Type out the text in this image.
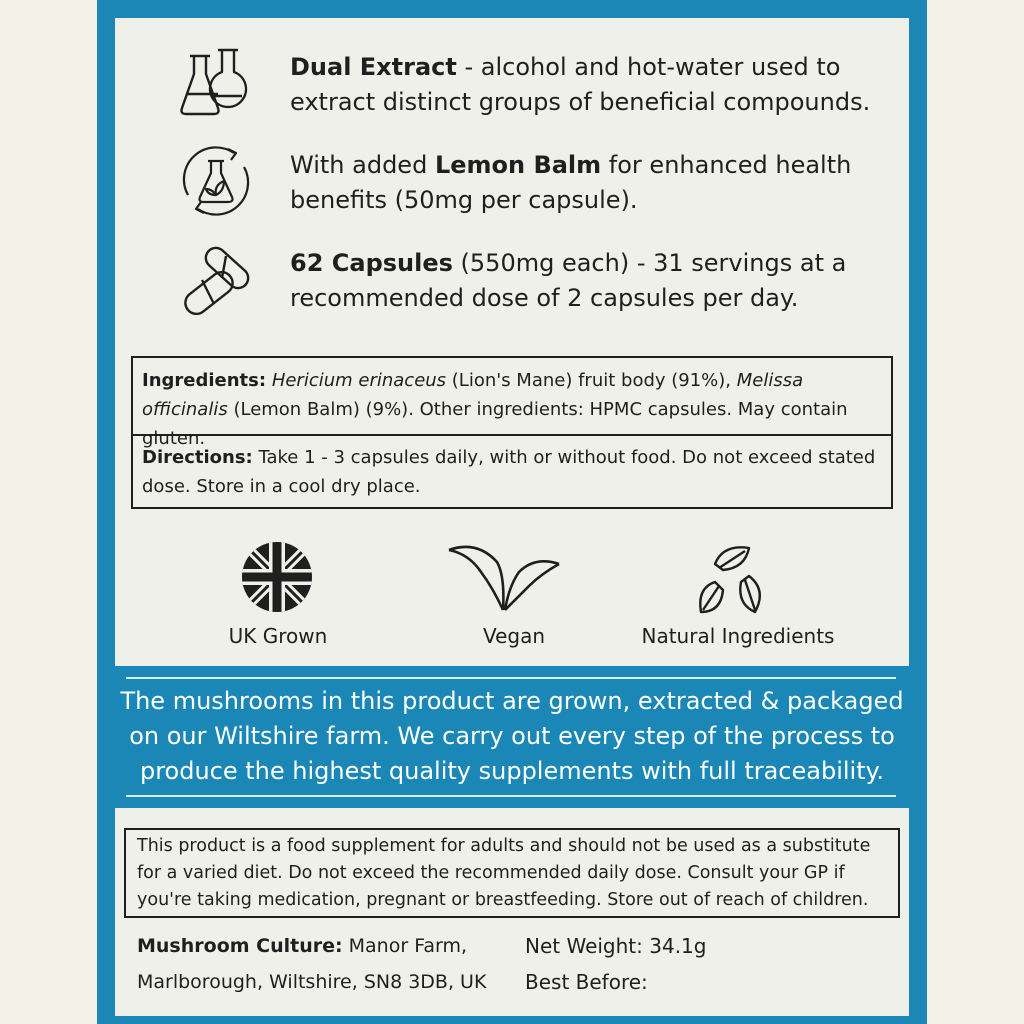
Dual Extract - alcohol and hot-water used to extract distinct groups of beneficial compounds.
With added Lemon Balm for enhanced health benefits (50mg per capsule).
62 Capsules (550mg each) - 31 servings at a recommended dose of 2 capsules per day.
Ingredients: Hericium erinaceus (Lion's Mane) fruit body (91%), Melissa officinalis (Lemon Balm) (9%). Other ingredients: HPMC capsules. May contain gluten.
Directions: Take 1 - 3 capsules daily, with or without food. Do not exceed stated dose. Store in a cool dry place.
UK Grown	Vegan	Natural Ingredients
The mushrooms in this product are grown, extracted & packaged on our Wiltshire farm. We carry out every step of the process to produce the highest quality supplements with full traceability.
This product is a food supplement for adults and should not be used as a substitute for a varied diet. Do not exceed the recommended daily dose. Consult your GP if you're taking medication, pregnant or breastfeeding. Store out of reach of children.
Mushroom Culture: Manor Farm, Marlborough, Wiltshire, SN8 3DB, UK
Net Weight: 34.1g
Best Before:
